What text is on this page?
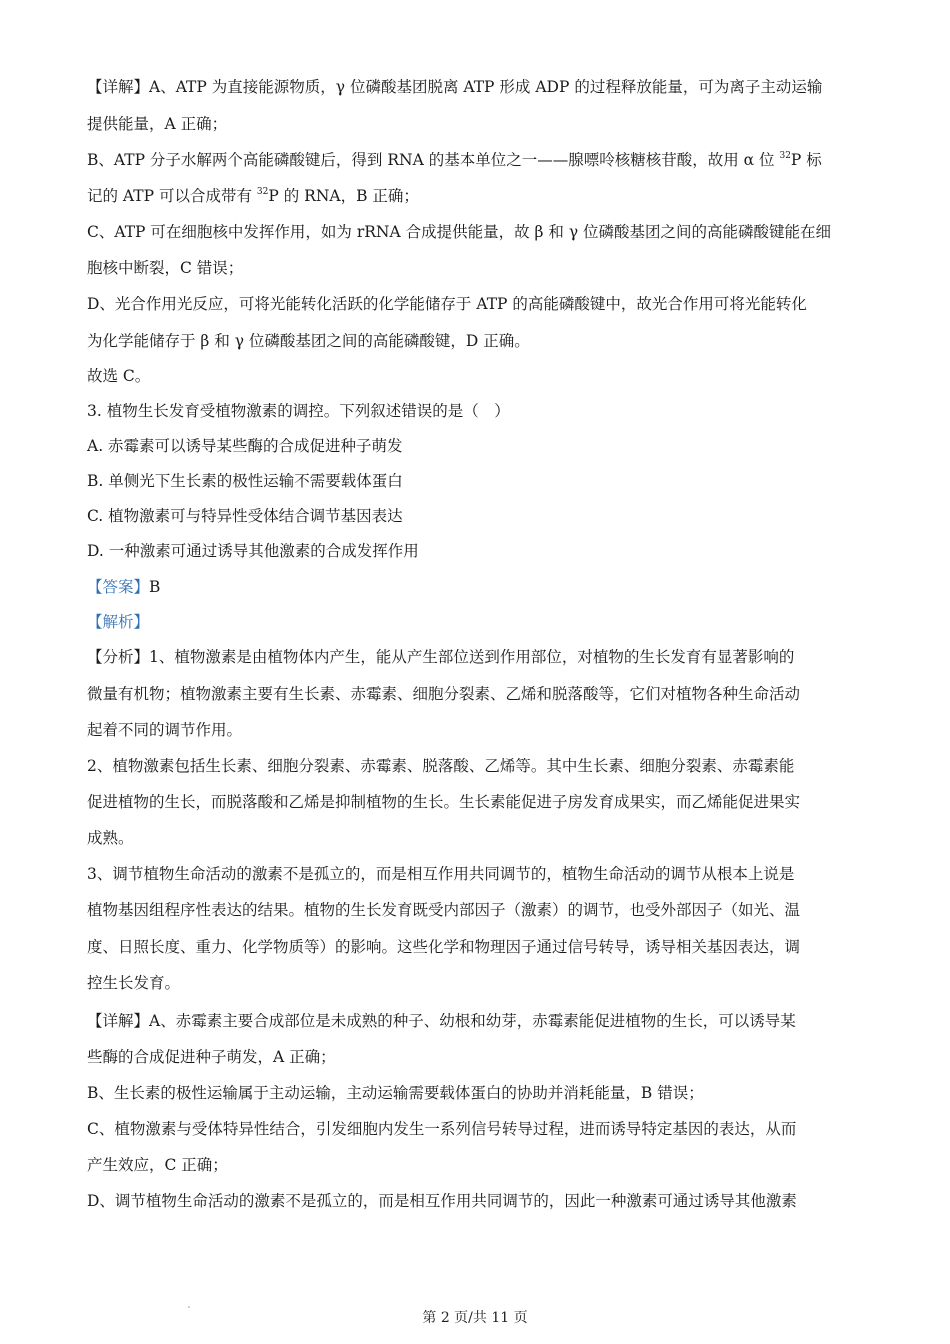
【详解】A、ATP 为直接能源物质，γ 位磷酸基团脱离 ATP 形成 ADP 的过程释放能量，可为离子主动运输
提供能量，A 正确；
B、ATP 分子水解两个高能磷酸键后，得到 RNA 的基本单位之一——腺嘌呤核糖核苷酸，故用 α 位 $^{32}$P 标
记的 ATP 可以合成带有 $^{32}$P 的 RNA，B 正确；
C、ATP 可在细胞核中发挥作用，如为 rRNA 合成提供能量，故 β 和 γ 位磷酸基团之间的高能磷酸键能在细
胞核中断裂，C 错误；
D、光合作用光反应，可将光能转化活跃的化学能储存于 ATP 的高能磷酸键中，故光合作用可将光能转化
为化学能储存于 β 和 γ 位磷酸基团之间的高能磷酸键，D 正确。
故选 C。
3. 植物生长发育受植物激素的调控。下列叙述错误的是（　）
A. 赤霉素可以诱导某些酶的合成促进种子萌发
B. 单侧光下生长素的极性运输不需要载体蛋白
C. 植物激素可与特异性受体结合调节基因表达
D. 一种激素可通过诱导其他激素的合成发挥作用
【答案】B
【解析】
【分析】1、植物激素是由植物体内产生，能从产生部位送到作用部位，对植物的生长发育有显著影响的
微量有机物；植物激素主要有生长素、赤霉素、细胞分裂素、乙烯和脱落酸等，它们对植物各种生命活动
起着不同的调节作用。
2、植物激素包括生长素、细胞分裂素、赤霉素、脱落酸、乙烯等。其中生长素、细胞分裂素、赤霉素能
促进植物的生长，而脱落酸和乙烯是抑制植物的生长。生长素能促进子房发育成果实，而乙烯能促进果实
成熟。
3、调节植物生命活动的激素不是孤立的，而是相互作用共同调节的，植物生命活动的调节从根本上说是
植物基因组程序性表达的结果。植物的生长发育既受内部因子（激素）的调节，也受外部因子（如光、温
度、日照长度、重力、化学物质等）的影响。这些化学和物理因子通过信号转导，诱导相关基因表达，调
控生长发育。
【详解】A、赤霉素主要合成部位是未成熟的种子、幼根和幼芽，赤霉素能促进植物的生长，可以诱导某
些酶的合成促进种子萌发，A 正确；
B、生长素的极性运输属于主动运输，主动运输需要载体蛋白的协助并消耗能量，B 错误；
C、植物激素与受体特异性结合，引发细胞内发生一系列信号转导过程，进而诱导特定基因的表达，从而
产生效应，C 正确；
D、调节植物生命活动的激素不是孤立的，而是相互作用共同调节的，因此一种激素可通过诱导其他激素
第 2 页/共 11 页
